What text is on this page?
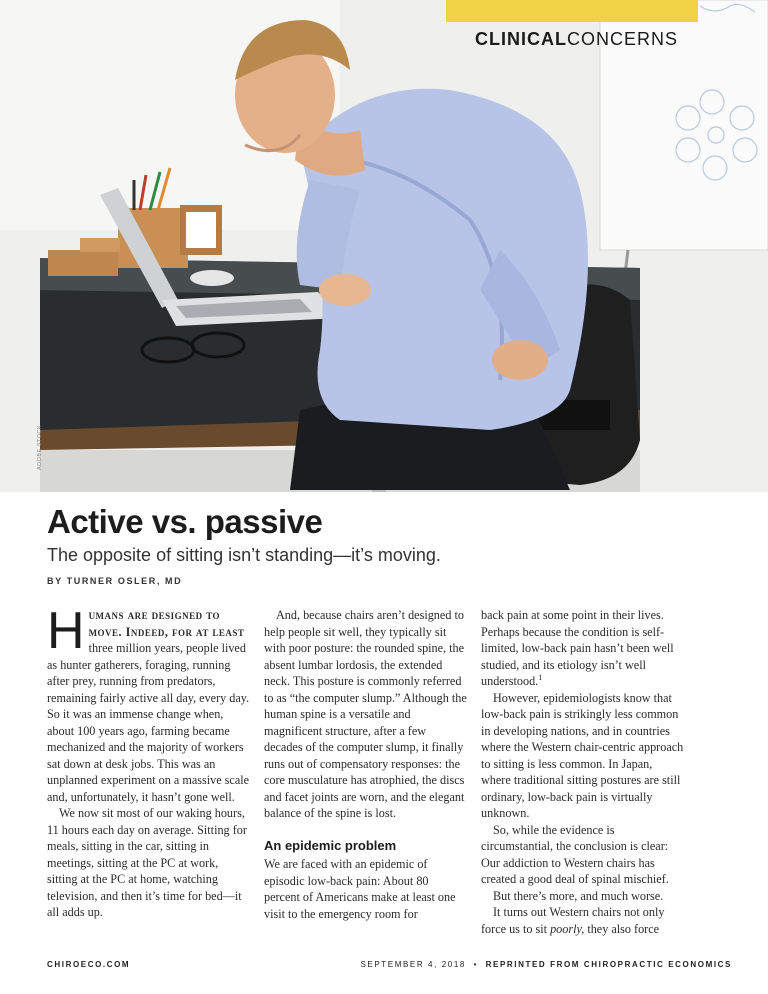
ADOBE STOCK
CLINICALCONCERNS
Active vs. passive
The opposite of sitting isn’t standing—it’s moving.
BY TURNER OSLER, MD

Humans are designed to move. Indeed, for at least three million years, people lived as hunter gatherers, foraging, running after prey, running from predators, remaining fairly active all day, every day. So it was an immense change when, about 100 years ago, farming became mechanized and the majority of workers sat down at desk jobs. This was an unplanned experiment on a massive scale and, unfortunately, it hasn’t gone well.

We now sit most of our waking hours, 11 hours each day on average. Sitting for meals, sitting in the car, sitting in meetings, sitting at the PC at work, sitting at the PC at home, watching television, and then it’s time for bed—it all adds up.

And, because chairs aren’t designed to help people sit well, they typically sit with poor posture: the rounded spine, the absent lumbar lordosis, the extended neck. This posture is commonly referred to as “the computer slump.” Although the human spine is a versatile and magnificent structure, after a few decades of the computer slump, it finally runs out of compensatory responses: the core musculature has atrophied, the discs and facet joints are worn, and the elegant balance of the spine is lost.

An epidemic problem

We are faced with an epidemic of episodic low-back pain: About 80 percent of Americans make at least one visit to the emergency room for

back pain at some point in their lives. Perhaps because the condition is self-limited, low-back pain hasn’t been well studied, and its etiology isn’t well understood.$^1$

However, epidemiologists know that low-back pain is strikingly less common in developing nations, and in countries where the Western chair-centric approach to sitting is less common. In Japan, where traditional sitting postures are still ordinary, low-back pain is virtually unknown.

So, while the evidence is circumstantial, the conclusion is clear: Our addiction to Western chairs has created a good deal of spinal mischief.

But there’s more, and much worse.

It turns out Western chairs not only force us to sit poorly, they also force

CHIROECO.COM	SEPTEMBER 4, 2018 • REPRINTED FROM CHIROPRACTIC ECONOMICS
